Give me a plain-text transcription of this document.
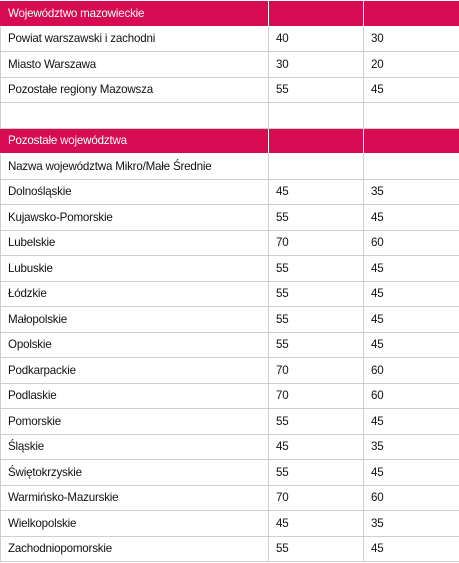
Województwo mazowieckie		
Powiat warszawski i zachodni	40	30
Miasto Warszawa	30	20
Pozostałe regiony Mazowsza	55	45

Pozostałe województwa		
Nazwa województwa Mikro/Małe Średnie		
Dolnośląskie	45	35
Kujawsko-Pomorskie	55	45
Lubelskie	70	60
Lubuskie	55	45
Łódzkie	55	45
Małopolskie	55	45
Opolskie	55	45
Podkarpackie	70	60
Podlaskie	70	60
Pomorskie	55	45
Śląskie	45	35
Świętokrzyskie	55	45
Warmińsko-Mazurskie	70	60
Wielkopolskie	45	35
Zachodniopomorskie	55	45
